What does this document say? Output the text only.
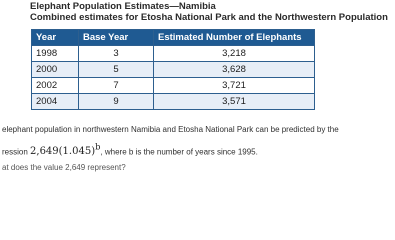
Elephant Population Estimates—Namibia
Combined estimates for Etosha National Park and the Northwestern Population
Year	Base Year	Estimated Number of Elephants
1998	3	3,218
2000	5	3,628
2002	7	3,721
2004	9	3,571
elephant population in northwestern Namibia and Etosha National Park can be predicted by the
ression $2,649(1.045)^b$, where b is the number of years since 1995.
at does the value 2,649 represent?
